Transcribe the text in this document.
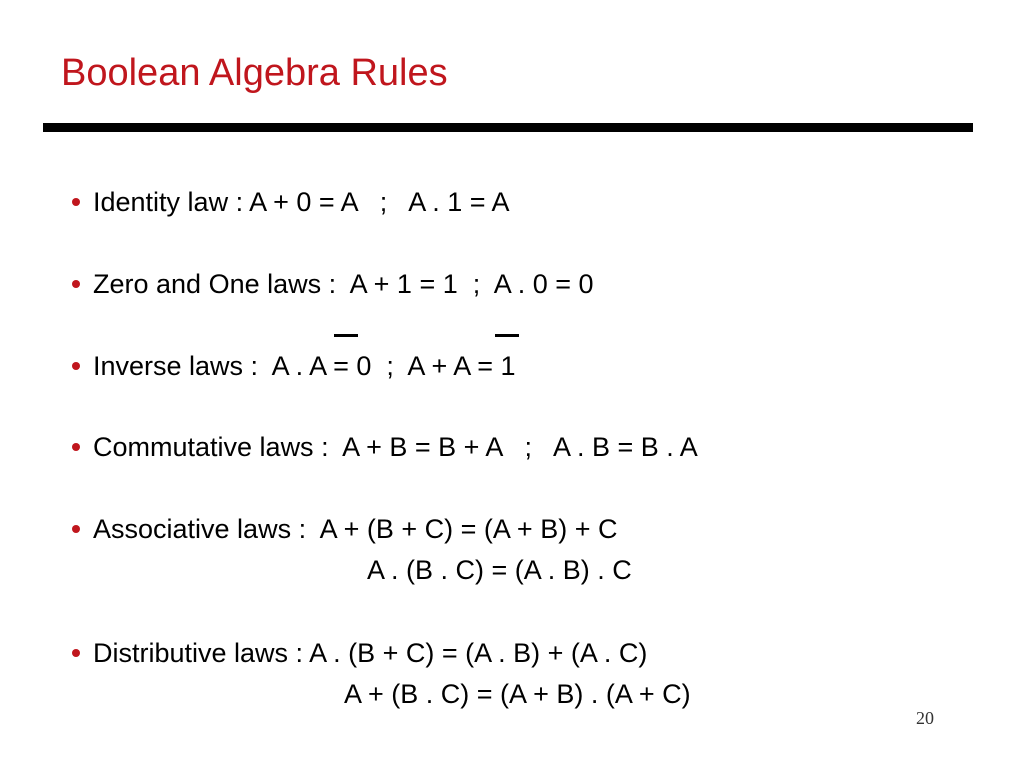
Boolean Algebra Rules
Identity law : A + 0 = A   ;   A . 1 = A
Zero and One laws :  A + 1 = 1  ;  A . 0 = 0
Inverse laws :  A . A = 0  ;  A + A = 1
Commutative laws :  A + B = B + A   ;   A . B = B . A
Associative laws :  A + (B + C) = (A + B) + C
A . (B . C) = (A . B) . C
Distributive laws : A . (B + C) = (A . B) + (A . C)
A + (B . C) = (A + B) . (A + C)
20
